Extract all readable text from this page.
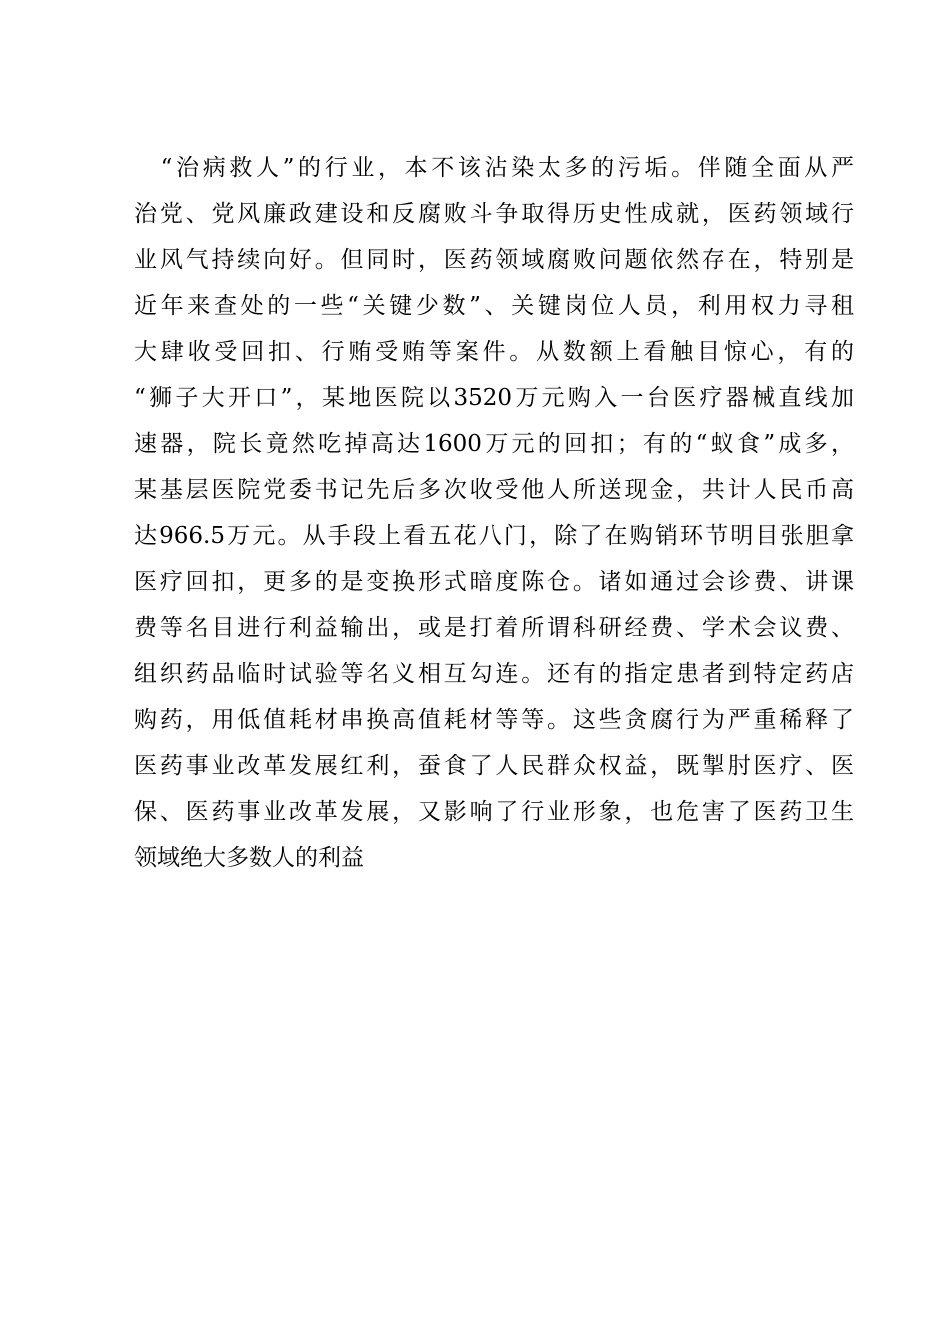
　“治病救人”的行业，本不该沾染太多的污垢。伴随全面从严
治党、党风廉政建设和反腐败斗争取得历史性成就，医药领域行
业风气持续向好。但同时，医药领域腐败问题依然存在，特别是
近年来查处的一些“关键少数”、关键岗位人员，利用权力寻租
大肆收受回扣、行贿受贿等案件。从数额上看触目惊心，有的
“狮子大开口”，某地医院以3520万元购入一台医疗器械直线加
速器，院长竟然吃掉高达1600万元的回扣；有的“蚁食”成多，
某基层医院党委书记先后多次收受他人所送现金，共计人民币高
达966.5万元。从手段上看五花八门，除了在购销环节明目张胆拿
医疗回扣，更多的是变换形式暗度陈仓。诸如通过会诊费、讲课
费等名目进行利益输出，或是打着所谓科研经费、学术会议费、
组织药品临时试验等名义相互勾连。还有的指定患者到特定药店
购药，用低值耗材串换高值耗材等等。这些贪腐行为严重稀释了
医药事业改革发展红利，蚕食了人民群众权益，既掣肘医疗、医
保、医药事业改革发展，又影响了行业形象，也危害了医药卫生
领域绝大多数人的利益
